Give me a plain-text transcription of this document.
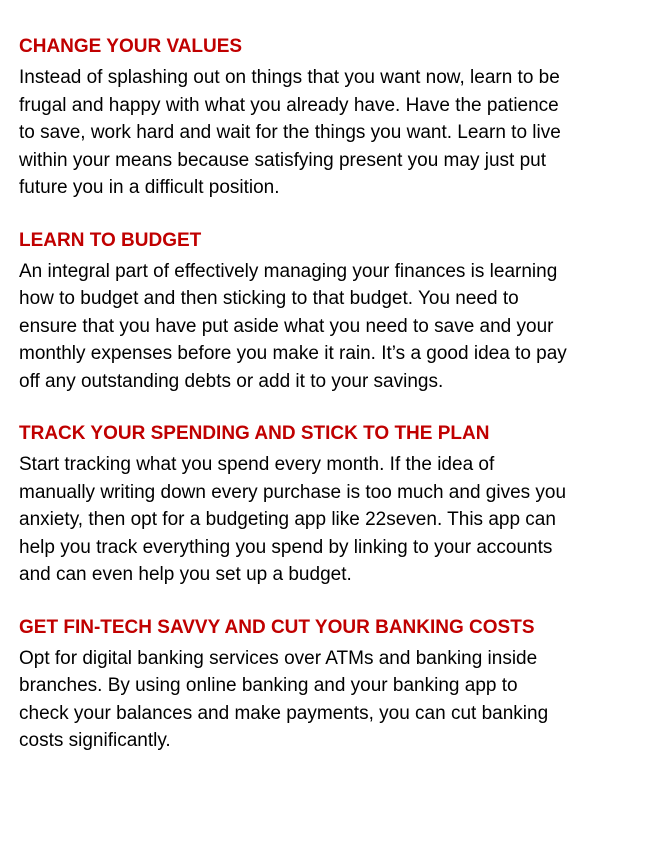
CHANGE YOUR VALUES

Instead of splashing out on things that you want now, learn to be
frugal and happy with what you already have. Have the patience
to save, work hard and wait for the things you want. Learn to live
within your means because satisfying present you may just put
future you in a difficult position.

LEARN TO BUDGET

An integral part of effectively managing your finances is learning
how to budget and then sticking to that budget. You need to
ensure that you have put aside what you need to save and your
monthly expenses before you make it rain. It’s a good idea to pay
off any outstanding debts or add it to your savings.

TRACK YOUR SPENDING AND STICK TO THE PLAN

Start tracking what you spend every month. If the idea of
manually writing down every purchase is too much and gives you
anxiety, then opt for a budgeting app like 22seven. This app can
help you track everything you spend by linking to your accounts
and can even help you set up a budget.

GET FIN-TECH SAVVY AND CUT YOUR BANKING COSTS

Opt for digital banking services over ATMs and banking inside
branches. By using online banking and your banking app to
check your balances and make payments, you can cut banking
costs significantly.
